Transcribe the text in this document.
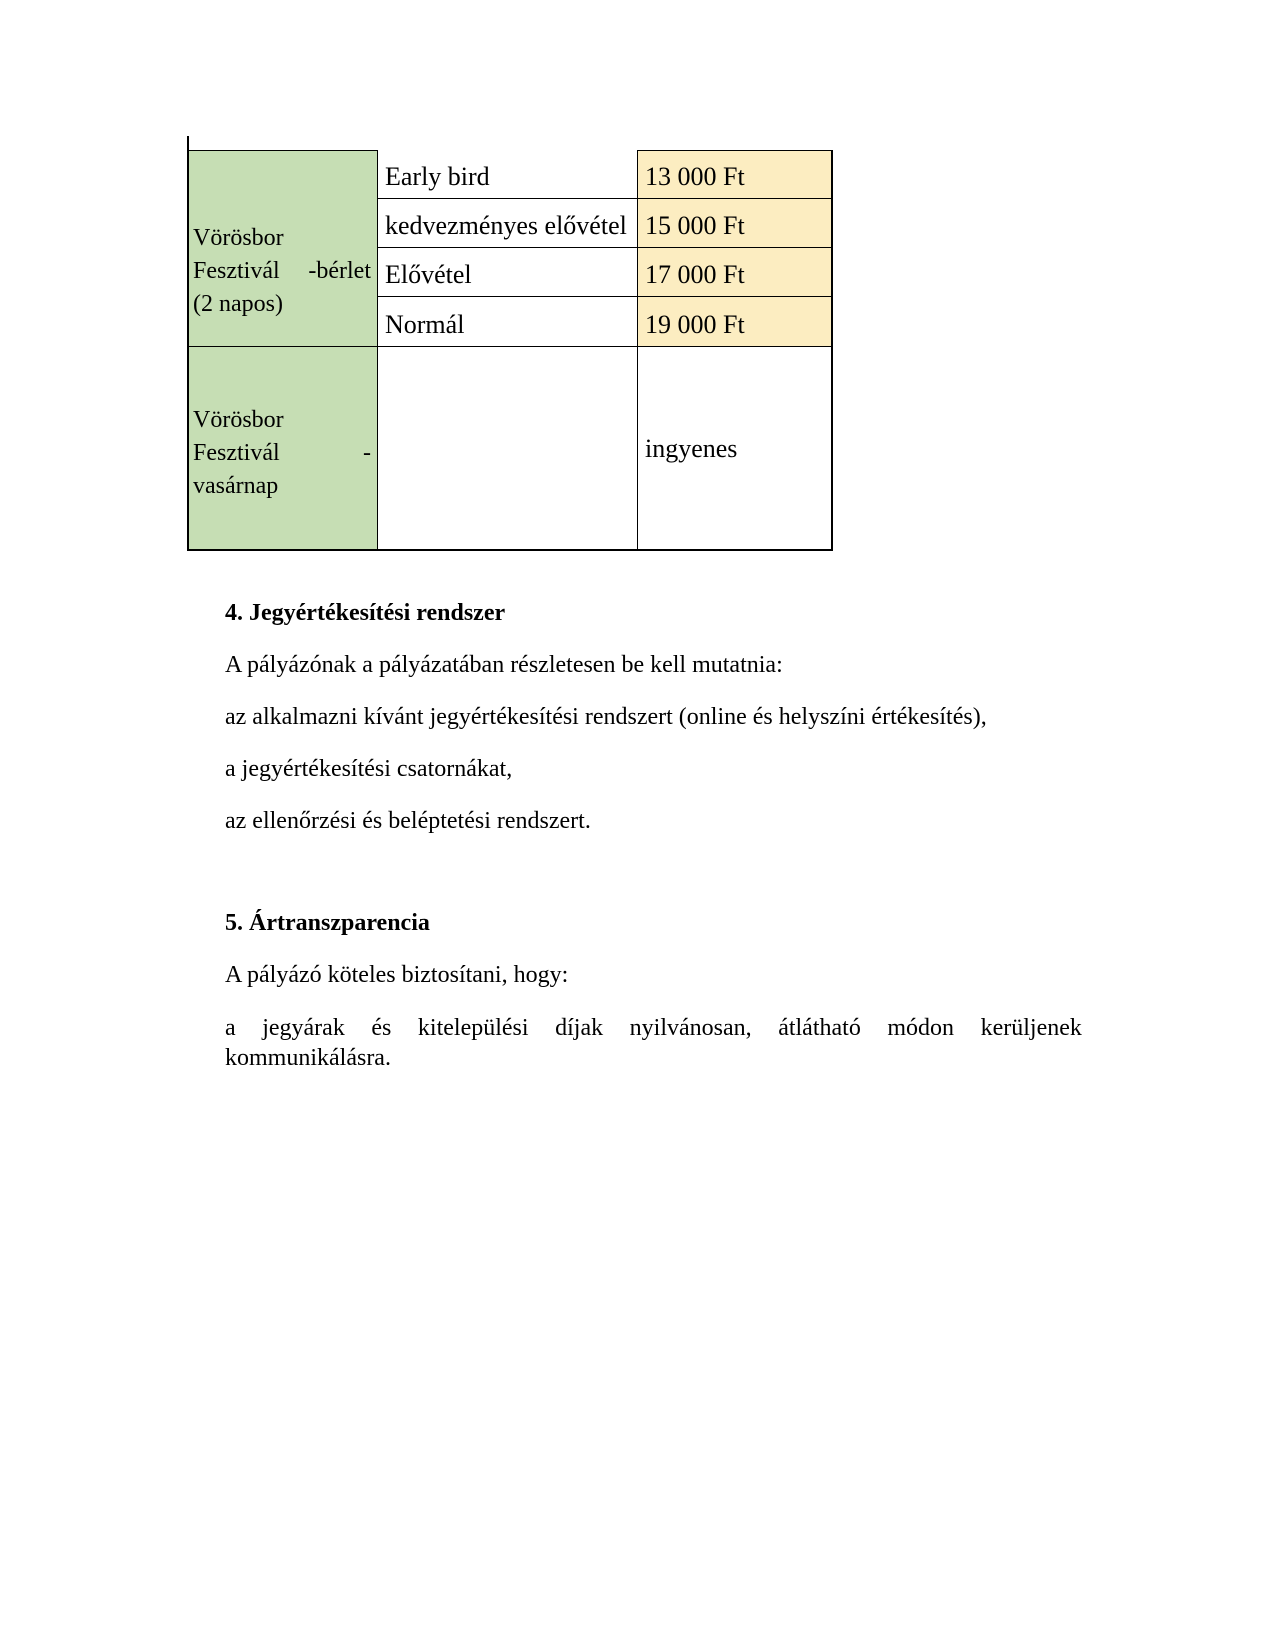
Vörösbor
Fesztivál -bérlet
(2 napos)
Vörösbor
Fesztivál	-
vasárnap
Early bird
kedvezményes elővétel
Elővétel
Normál
13 000 Ft
15 000 Ft
17 000 Ft
19 000 Ft
ingyenes
4. Jegyértékesítési rendszer
A pályázónak a pályázatában részletesen be kell mutatnia:
az alkalmazni kívánt jegyértékesítési rendszert (online és helyszíni értékesítés),
a jegyértékesítési csatornákat,
az ellenőrzési és beléptetési rendszert.
5. Ártranszparencia
A pályázó köteles biztosítani, hogy:
a jegyárak és kitelepülési díjak nyilvánosan, átlátható módon kerüljenek
kommunikálásra.
